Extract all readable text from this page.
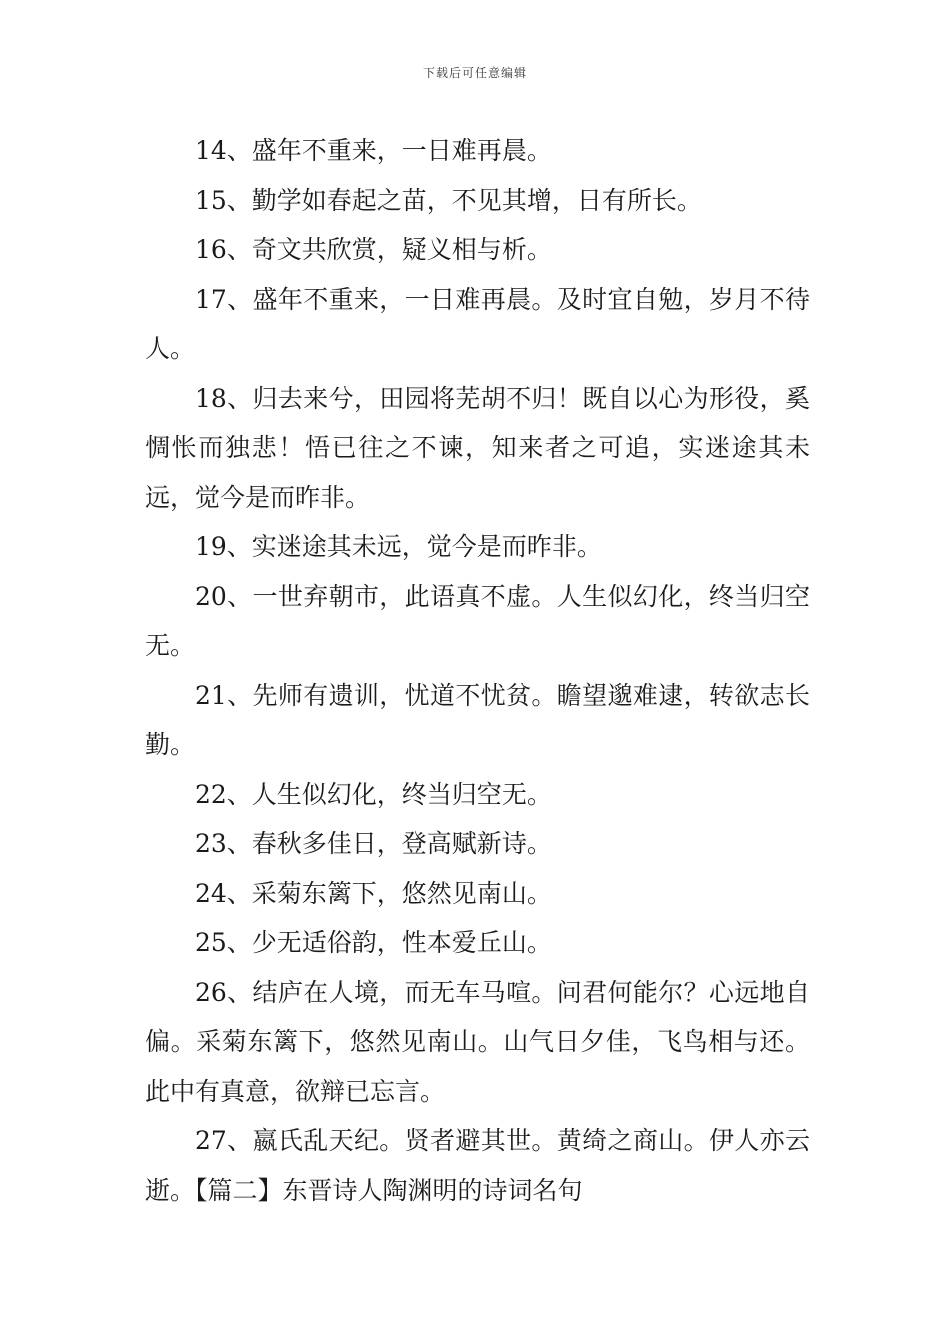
下载后可任意编辑

14、盛年不重来，一日难再晨。

15、勤学如春起之苗，不见其增，日有所长。

16、奇文共欣赏，疑义相与析。

17、盛年不重来，一日难再晨。及时宜自勉，岁月不待人。

18、归去来兮，田园将芜胡不归！既自以心为形役，奚惆怅而独悲！悟已往之不谏，知来者之可追，实迷途其未远，觉今是而昨非。

19、实迷途其未远，觉今是而昨非。

20、一世弃朝市，此语真不虚。人生似幻化，终当归空无。

21、先师有遗训，忧道不忧贫。瞻望邈难逮，转欲志长勤。

22、人生似幻化，终当归空无。

23、春秋多佳日，登高赋新诗。

24、采菊东篱下，悠然见南山。

25、少无适俗韵，性本爱丘山。

26、结庐在人境，而无车马喧。问君何能尔？心远地自偏。采菊东篱下，悠然见南山。山气日夕佳，飞鸟相与还。此中有真意，欲辩已忘言。

27、嬴氏乱天纪。贤者避其世。黄绮之商山。伊人亦云逝。【篇二】东晋诗人陶渊明的诗词名句
